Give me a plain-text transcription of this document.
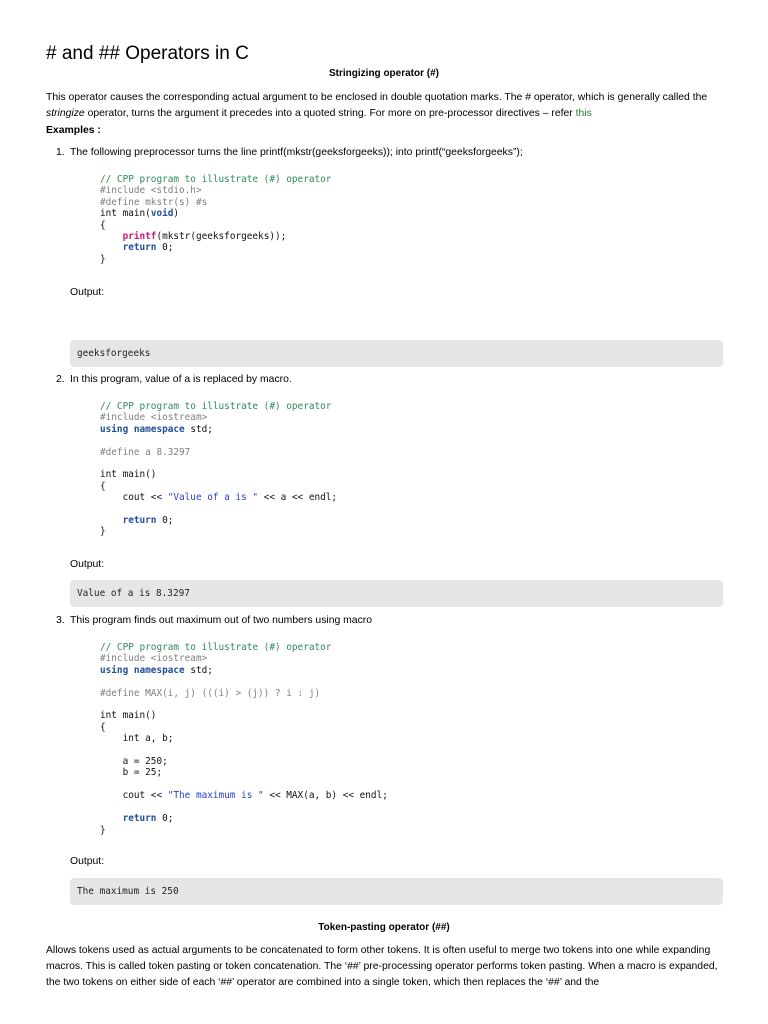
# and ## Operators in C
Stringizing operator (#)
This operator causes the corresponding actual argument to be enclosed in double quotation marks. The # operator, which is generally called the stringize operator, turns the argument it precedes into a quoted string. For more on pre-processor directives – refer this
Examples :
1. The following preprocessor turns the line printf(mkstr(geeksforgeeks)); into printf(“geeksforgeeks”);
// CPP program to illustrate (#) operator
#include <stdio.h>
#define mkstr(s) #s
int main(void)
{
printf(mkstr(geeksforgeeks));
return 0;
}
Output:
geeksforgeeks
2. In this program, value of a is replaced by macro.
// CPP program to illustrate (#) operator
#include <iostream>
using namespace std;

#define a 8.3297

int main()
{
cout << "Value of a is " << a << endl;

return 0;
}
Output:
Value of a is 8.3297
3. This program finds out maximum out of two numbers using macro
// CPP program to illustrate (#) operator
#include <iostream>
using namespace std;

#define MAX(i, j) (((i) > (j)) ? i : j)

int main()
{
int a, b;

a = 250;
b = 25;

cout << "The maximum is " << MAX(a, b) << endl;

return 0;
}
Output:
The maximum is 250
Token-pasting operator (##)
Allows tokens used as actual arguments to be concatenated to form other tokens. It is often useful to merge two tokens into one while expanding macros. This is called token pasting or token concatenation. The ‘##’ pre-processing operator performs token pasting. When a macro is expanded, the two tokens on either side of each ‘##’ operator are combined into a single token, which then replaces the ‘##’ and the
